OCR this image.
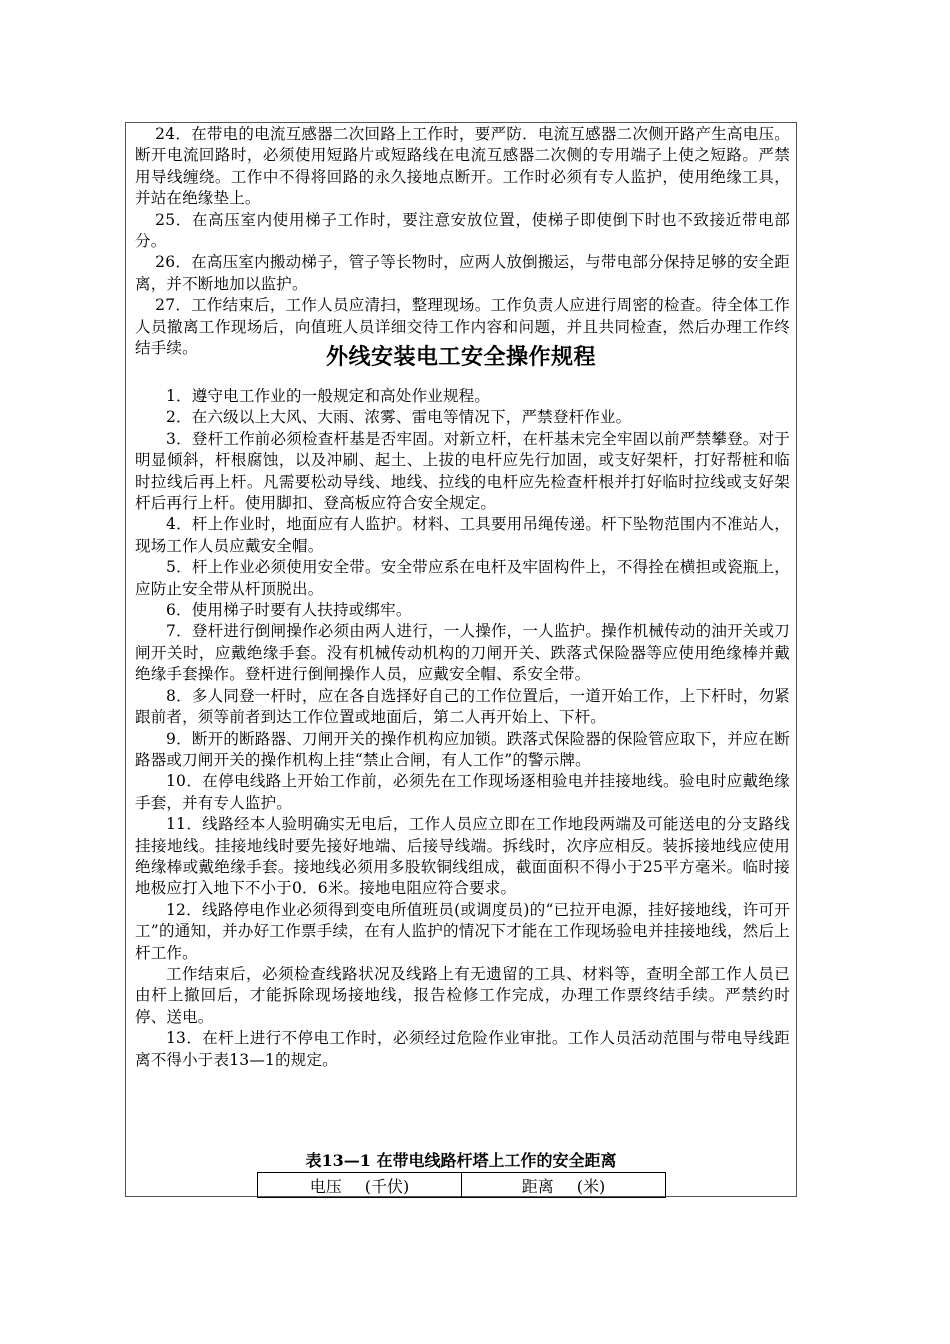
24．在带电的电流互感器二次回路上工作时，要严防．电流互感器二次侧开路产生高电压。断开电流回路时，必须使用短路片或短路线在电流互感器二次侧的专用端子上使之短路。严禁用导线缠绕。工作中不得将回路的永久接地点断开。工作时必须有专人监护，使用绝缘工具，并站在绝缘垫上。

25．在高压室内使用梯子工作时，要注意安放位置，使梯子即使倒下时也不致接近带电部分。

26．在高压室内搬动梯子，管子等长物时，应两人放倒搬运，与带电部分保持足够的安全距离，并不断地加以监护。

27．工作结束后，工作人员应清扫，整理现场。工作负责人应进行周密的检查。待全体工作人员撤离工作现场后，向值班人员详细交待工作内容和问题，并且共同检查，然后办理工作终结手续。	外线安装电工安全操作规程

1．遵守电工作业的一般规定和高处作业规程。

2．在六级以上大风、大雨、浓雾、雷电等情况下，严禁登杆作业。

3．登杆工作前必须检查杆基是否牢固。对新立杆，在杆基未完全牢固以前严禁攀登。对于明显倾斜，杆根腐蚀，以及冲刷、起土、上拔的电杆应先行加固，或支好架杆，打好帮桩和临时拉线后再上杆。凡需要松动导线、地线、拉线的电杆应先检查杆根并打好临时拉线或支好架杆后再行上杆。使用脚扣、登高板应符合安全规定。

4．杆上作业时，地面应有人监护。材料、工具要用吊绳传递。杆下坠物范围内不准站人，现场工作人员应戴安全帽。

5．杆上作业必须使用安全带。安全带应系在电杆及牢固构件上，不得拴在横担或瓷瓶上，应防止安全带从杆顶脱出。

6．使用梯子时要有人扶持或绑牢。

7．登杆进行倒闸操作必须由两人进行，一人操作，一人监护。操作机械传动的油开关或刀闸开关时，应戴绝缘手套。没有机械传动机构的刀闸开关、跌落式保险器等应使用绝缘棒并戴绝缘手套操作。登杆进行倒闸操作人员，应戴安全帽、系安全带。

8．多人同登一杆时，应在各自选择好自己的工作位置后，一道开始工作，上下杆时，勿紧跟前者，须等前者到达工作位置或地面后，第二人再开始上、下杆。

9．断开的断路器、刀闸开关的操作机构应加锁。跌落式保险器的保险管应取下，并应在断路器或刀闸开关的操作机构上挂“禁止合闸，有人工作”的警示牌。

10．在停电线路上开始工作前，必须先在工作现场逐相验电并挂接地线。验电时应戴绝缘手套，并有专人监护。

11．线路经本人验明确实无电后，工作人员应立即在工作地段两端及可能送电的分支路线挂接地线。挂接地线时要先接好地端、后接导线端。拆线时，次序应相反。装拆接地线应使用绝缘棒或戴绝缘手套。接地线必须用多股软铜线组成，截面面积不得小于25平方毫米。临时接地极应打入地下不小于0．6米。接地电阻应符合要求。

12．线路停电作业必须得到变电所值班员(或调度员)的“已拉开电源，挂好接地线，许可开工”的通知，并办好工作票手续，在有人监护的情况下才能在工作现场验电并挂接地线，然后上杆工作。

工作结束后，必须检查线路状况及线路上有无遗留的工具、材料等，查明全部工作人员已由杆上撤回后，才能拆除现场接地线，报告检修工作完成，办理工作票终结手续。严禁约时停、送电。

13．在杆上进行不停电工作时，必须经过危险作业审批。工作人员活动范围与带电导线距离不得小于表13—1的规定。

表13—1 在带电线路杆塔上工作的安全距离
电压 (千伏)	距离 (米)
